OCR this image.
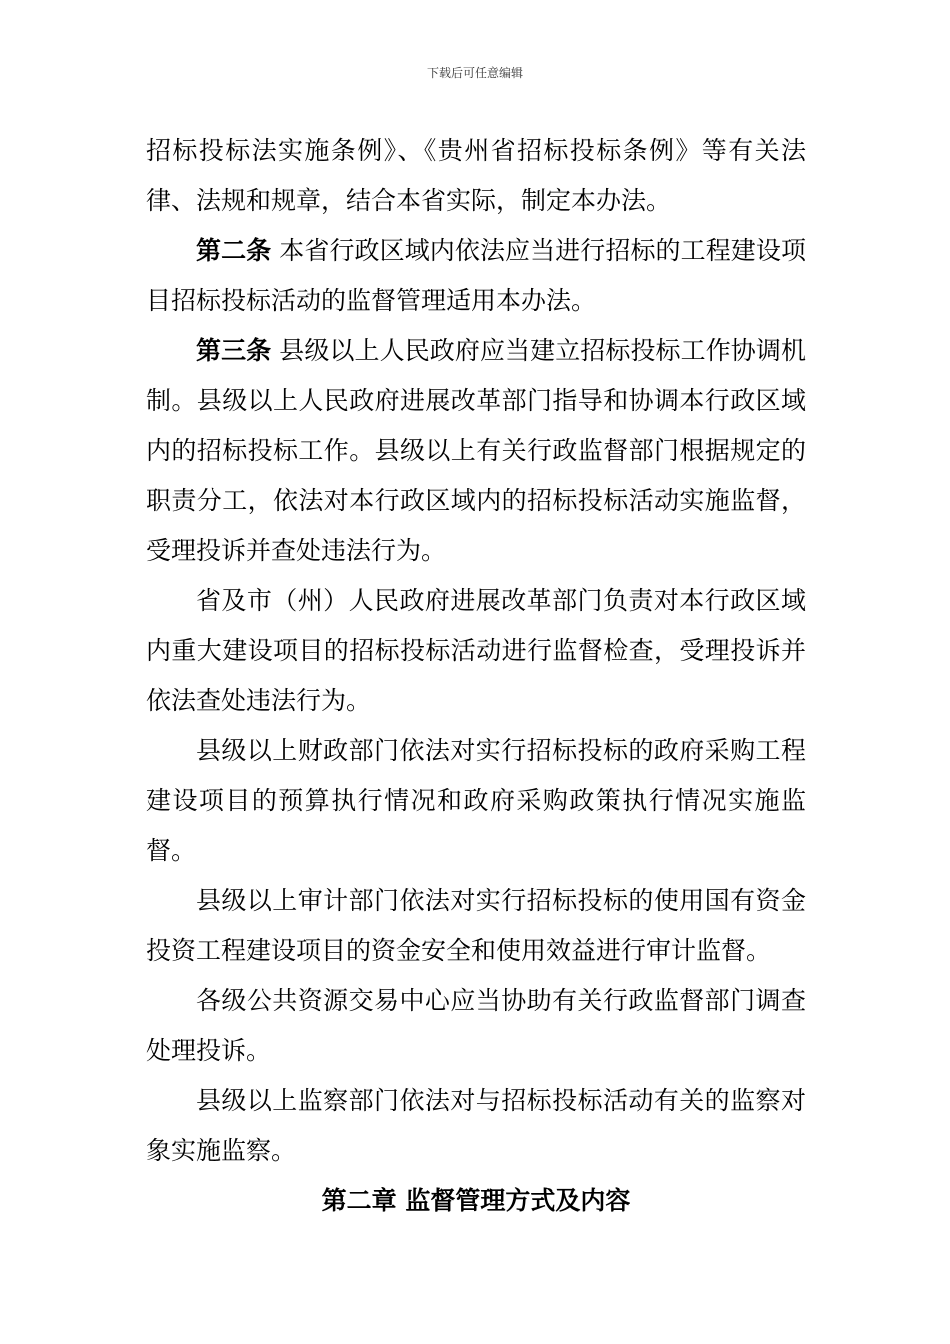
下载后可任意编辑

招标投标法实施条例》、《贵州省招标投标条例》等有关法律、法规和规章，结合本省实际，制定本办法。

第二条 本省行政区域内依法应当进行招标的工程建设项目招标投标活动的监督管理适用本办法。

第三条 县级以上人民政府应当建立招标投标工作协调机制。县级以上人民政府进展改革部门指导和协调本行政区域内的招标投标工作。县级以上有关行政监督部门根据规定的职责分工，依法对本行政区域内的招标投标活动实施监督，受理投诉并查处违法行为。

省及市（州）人民政府进展改革部门负责对本行政区域内重大建设项目的招标投标活动进行监督检查，受理投诉并依法查处违法行为。

县级以上财政部门依法对实行招标投标的政府采购工程建设项目的预算执行情况和政府采购政策执行情况实施监督。

县级以上审计部门依法对实行招标投标的使用国有资金投资工程建设项目的资金安全和使用效益进行审计监督。

各级公共资源交易中心应当协助有关行政监督部门调查处理投诉。

县级以上监察部门依法对与招标投标活动有关的监察对象实施监察。

第二章 监督管理方式及内容
